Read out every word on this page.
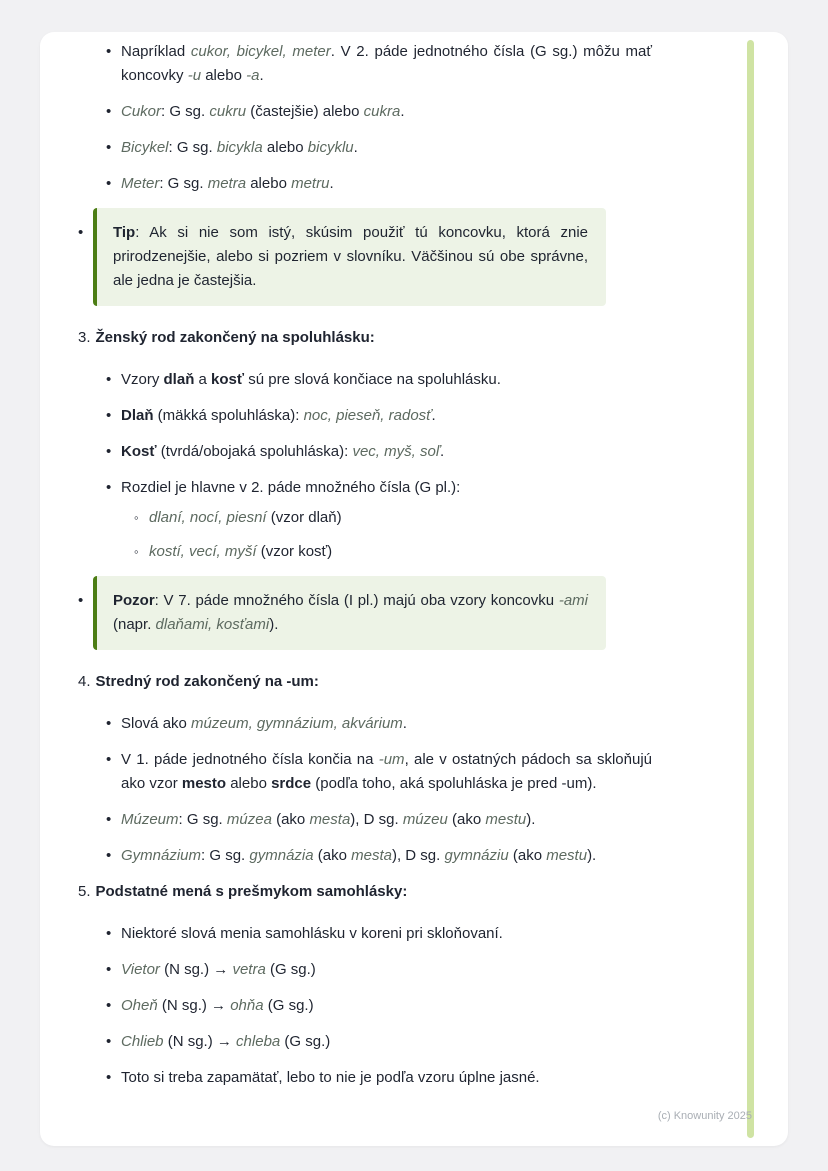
• Napríklad cukor, bicykel, meter. V 2. páde jednotného čísla (G sg.) môžu mať koncovky -u alebo -a.
• Cukor: G sg. cukru (častejšie) alebo cukra.
• Bicykel: G sg. bicykla alebo bicyklu.
• Meter: G sg. metra alebo metru.
•	Tip: Ak si nie som istý, skúsim použiť tú koncovku, ktorá znie prirodzenejšie, alebo si pozriem v slovníku. Väčšinou sú obe správne, ale jedna je častejšia.
3. Ženský rod zakončený na spoluhlásku:
• Vzory dlaň a kosť sú pre slová končiace na spoluhlásku.
• Dlaň (mäkká spoluhláska): noc, pieseň, radosť.
• Kosť (tvrdá/obojaká spoluhláska): vec, myš, soľ.
• Rozdiel je hlavne v 2. páde množného čísla (G pl.):
◦ dlaní, nocí, piesní (vzor dlaň)
◦ kostí, vecí, myší (vzor kosť)
•	Pozor: V 7. páde množného čísla (I pl.) majú oba vzory koncovku -ami (napr. dlaňami, kosťami).
4. Stredný rod zakončený na -um:
• Slová ako múzeum, gymnázium, akvárium.
• V 1. páde jednotného čísla končia na -um, ale v ostatných pádoch sa skloňujú ako vzor mesto alebo srdce (podľa toho, aká spoluhláska je pred -um).
• Múzeum: G sg. múzea (ako mesta), D sg. múzeu (ako mestu).
• Gymnázium: G sg. gymnázia (ako mesta), D sg. gymnáziu (ako mestu).
5. Podstatné mená s prešmykom samohlásky:
• Niektoré slová menia samohlásku v koreni pri skloňovaní.
• Vietor (N sg.) → vetra (G sg.)
• Oheň (N sg.) → ohňa (G sg.)
• Chlieb (N sg.) → chleba (G sg.)
• Toto si treba zapamätať, lebo to nie je podľa vzoru úplne jasné.
(c) Knowunity 2025
